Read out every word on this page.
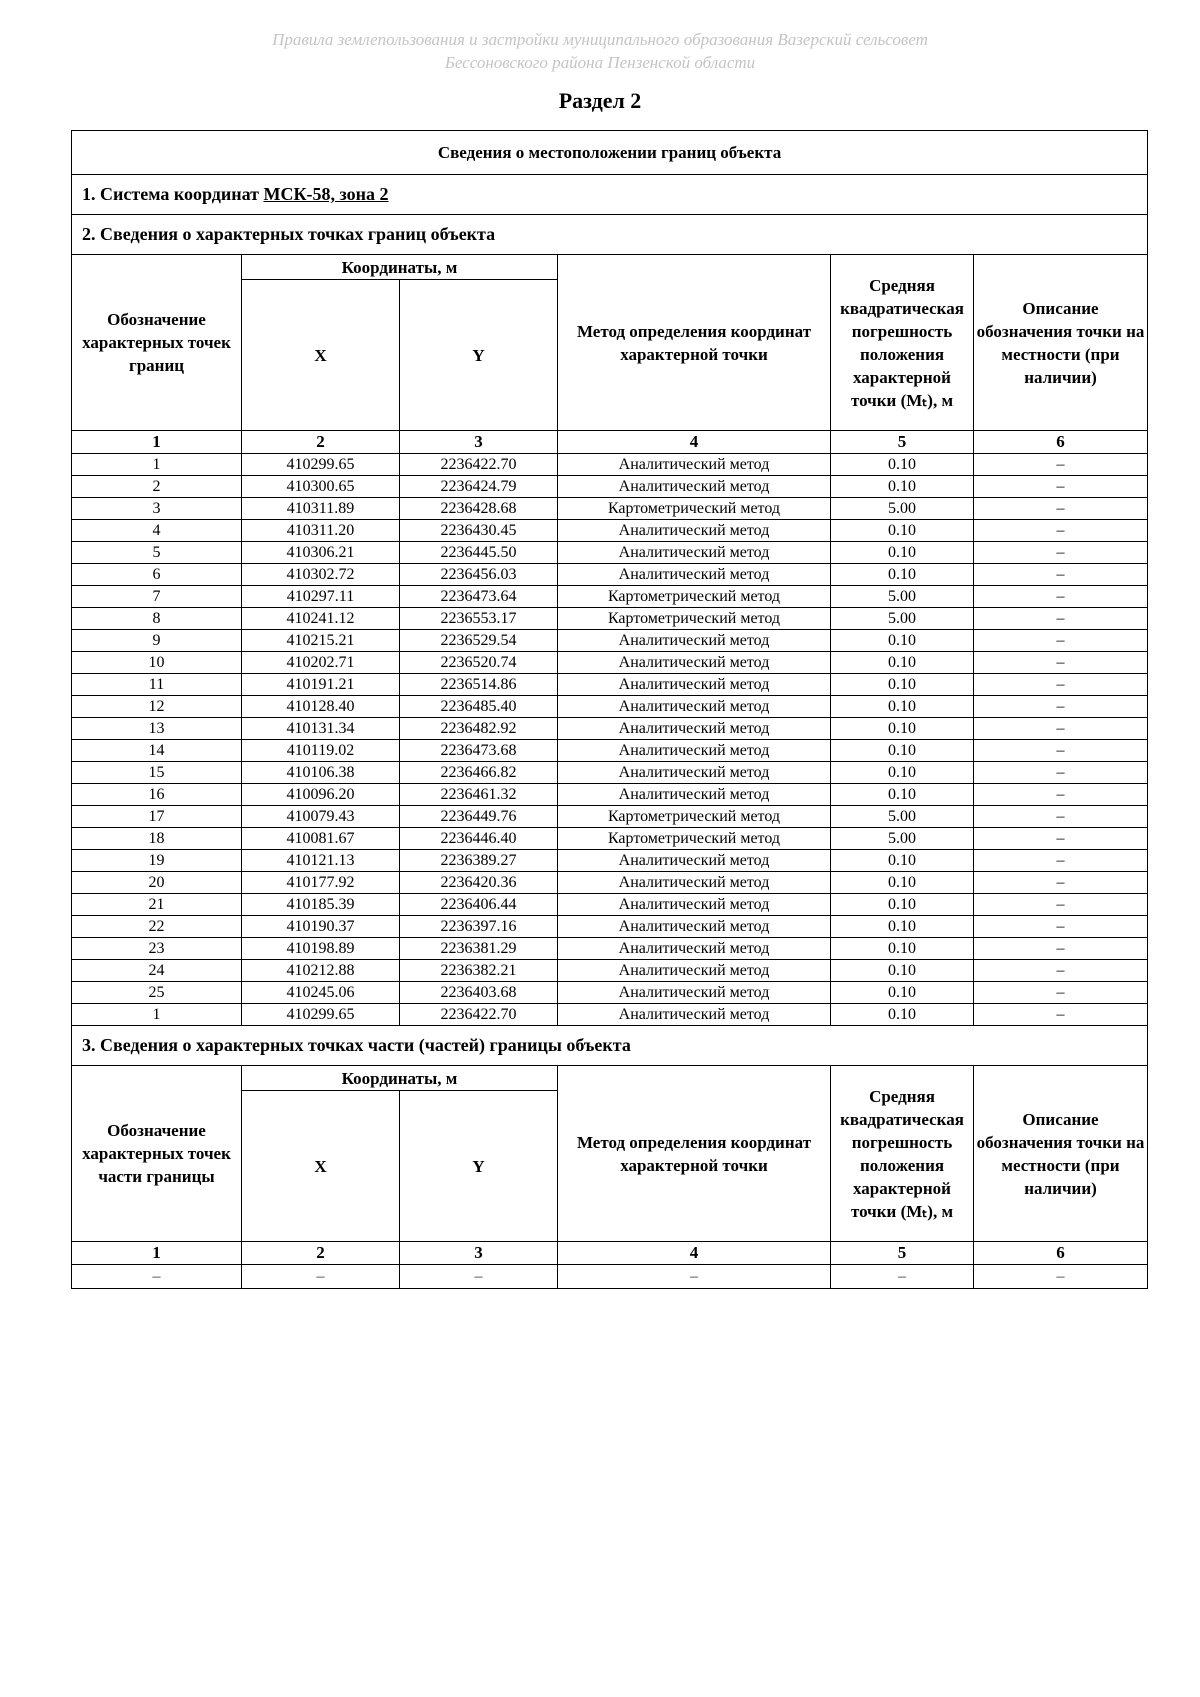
Правила землепользования и застройки муниципального образования Вазерский сельсовет
Бессоновского района Пензенской области
Раздел 2
Сведения о местоположении границ объекта					
1. Система координат МСК-58, зона 2					
2. Сведения о характерных точках границ объекта					
Обозначение характерных точек границ	Координаты, м		Метод определения координат характерной точки	Средняя квадратическая погрешность положения характерной точки (Mₜ), м	Описание обозначения точки на местности (при наличии)
	X	Y			
1	2	3	4	5	6
1	410299.65	2236422.70	Аналитический метод	0.10	–
2	410300.65	2236424.79	Аналитический метод	0.10	–
3	410311.89	2236428.68	Картометрический метод	5.00	–
4	410311.20	2236430.45	Аналитический метод	0.10	–
5	410306.21	2236445.50	Аналитический метод	0.10	–
6	410302.72	2236456.03	Аналитический метод	0.10	–
7	410297.11	2236473.64	Картометрический метод	5.00	–
8	410241.12	2236553.17	Картометрический метод	5.00	–
9	410215.21	2236529.54	Аналитический метод	0.10	–
10	410202.71	2236520.74	Аналитический метод	0.10	–
11	410191.21	2236514.86	Аналитический метод	0.10	–
12	410128.40	2236485.40	Аналитический метод	0.10	–
13	410131.34	2236482.92	Аналитический метод	0.10	–
14	410119.02	2236473.68	Аналитический метод	0.10	–
15	410106.38	2236466.82	Аналитический метод	0.10	–
16	410096.20	2236461.32	Аналитический метод	0.10	–
17	410079.43	2236449.76	Картометрический метод	5.00	–
18	410081.67	2236446.40	Картометрический метод	5.00	–
19	410121.13	2236389.27	Аналитический метод	0.10	–
20	410177.92	2236420.36	Аналитический метод	0.10	–
21	410185.39	2236406.44	Аналитический метод	0.10	–
22	410190.37	2236397.16	Аналитический метод	0.10	–
23	410198.89	2236381.29	Аналитический метод	0.10	–
24	410212.88	2236382.21	Аналитический метод	0.10	–
25	410245.06	2236403.68	Аналитический метод	0.10	–
1	410299.65	2236422.70	Аналитический метод	0.10	–
3. Сведения о характерных точках части (частей) границы объекта					
Обозначение характерных точек части границы	Координаты, м		Метод определения координат характерной точки	Средняя квадратическая погрешность положения характерной точки (Mₜ), м	Описание обозначения точки на местности (при наличии)
	X	Y			
1	2	3	4	5	6
–	–	–	–	–	–
